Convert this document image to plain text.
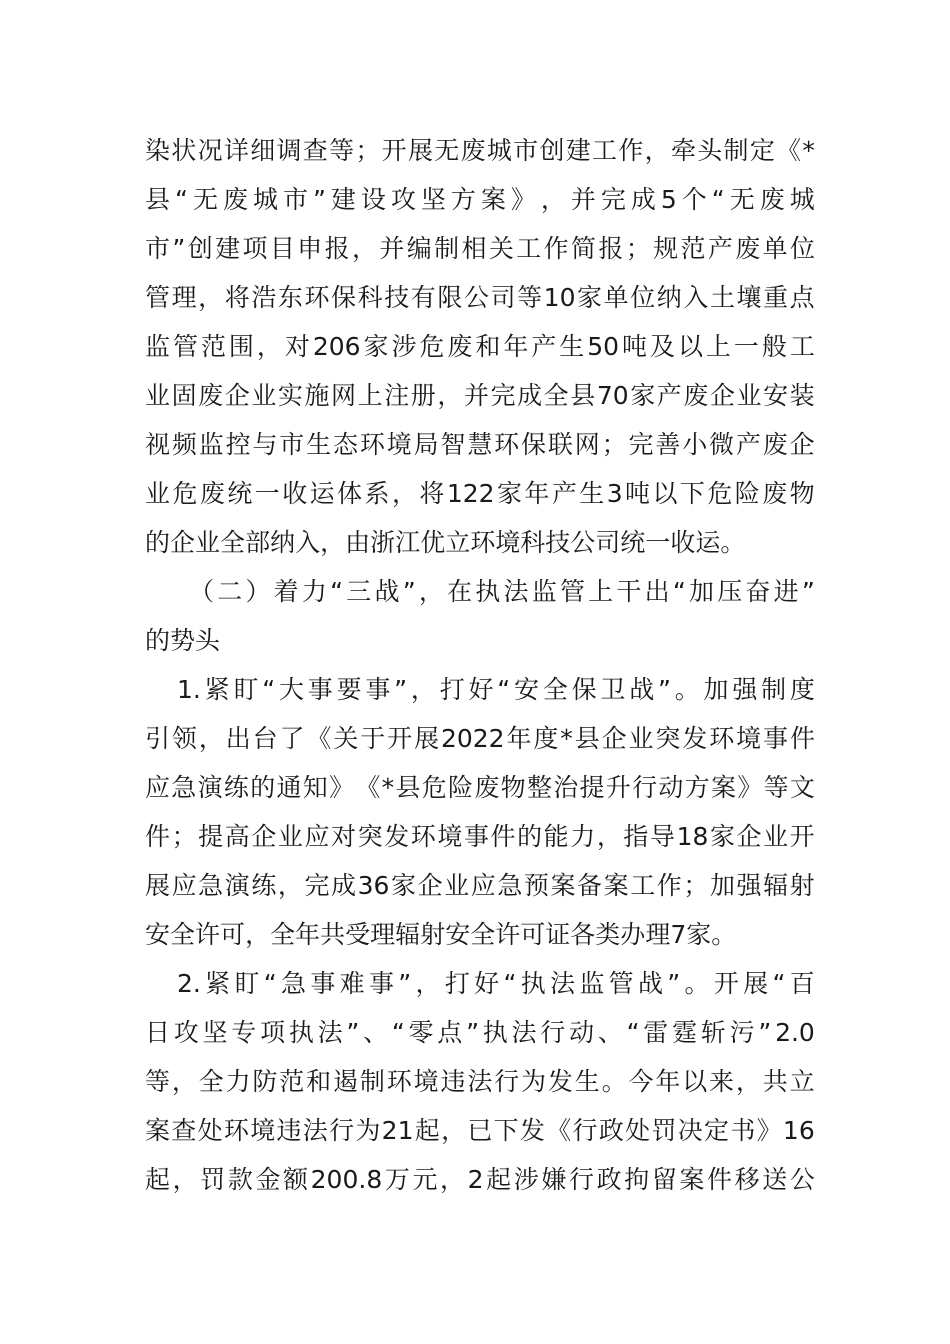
染 状 况 详 细 调 查 等 ； 开 展 无 废 城 市 创 建 工 作 ， 牵 头 制 定 《 *
县 “ 无 废 城 市 ” 建 设 攻 坚 方 案 》 ， 并 完 成 5 个 “ 无 废 城
市 ” 创 建 项 目 申 报 ， 并 编 制 相 关 工 作 简 报 ； 规 范 产 废 单 位
管 理 ， 将 浩 东 环 保 科 技 有 限 公 司 等 10 家 单 位 纳 入 土 壤 重 点
监 管 范 围 ， 对 206 家 涉 危 废 和 年 产 生 50 吨 及 以 上 一 般 工
业 固 废 企 业 实 施 网 上 注 册 ， 并 完 成 全 县 70 家 产 废 企 业 安 装
视 频 监 控 与 市 生 态 环 境 局 智 慧 环 保 联 网 ； 完 善 小 微 产 废 企
业 危 废 统 一 收 运 体 系 ， 将 122 家 年 产 生 3 吨 以 下 危 险 废 物
的 企 业 全 部 纳 入 ， 由 浙 江 优 立 环 境 科 技 公 司 统 一 收 运 。
（ 二 ） 着 力 “ 三 战 ” ， 在 执 法 监 管 上 干 出 “ 加 压 奋 进 ”
的 势 头
1. 紧 盯 “ 大 事 要 事 ” ， 打 好 “ 安 全 保 卫 战 ” 。 加 强 制 度
引 领 ， 出 台 了 《 关 于 开 展 2022 年 度 * 县 企 业 突 发 环 境 事 件
应 急 演 练 的 通 知 》 《 * 县 危 险 废 物 整 治 提 升 行 动 方 案 》 等 文
件 ； 提 高 企 业 应 对 突 发 环 境 事 件 的 能 力 ， 指 导 18 家 企 业 开
展 应 急 演 练 ， 完 成 36 家 企 业 应 急 预 案 备 案 工 作 ； 加 强 辐 射
安 全 许 可 ， 全 年 共 受 理 辐 射 安 全 许 可 证 各 类 办 理 7 家 。
2. 紧 盯 “ 急 事 难 事 ” ， 打 好 “ 执 法 监 管 战 ” 。 开 展 “ 百
日 攻 坚 专 项 执 法 ” 、 “ 零 点 ” 执 法 行 动 、 “ 雷 霆 斩 污 ” 2.0
等 ， 全 力 防 范 和 遏 制 环 境 违 法 行 为 发 生 。 今 年 以 来 ， 共 立
案 查 处 环 境 违 法 行 为 21 起 ， 已 下 发 《 行 政 处 罚 决 定 书 》 16
起 ， 罚 款 金 额 200.8 万 元 ， 2 起 涉 嫌 行 政 拘 留 案 件 移 送 公
